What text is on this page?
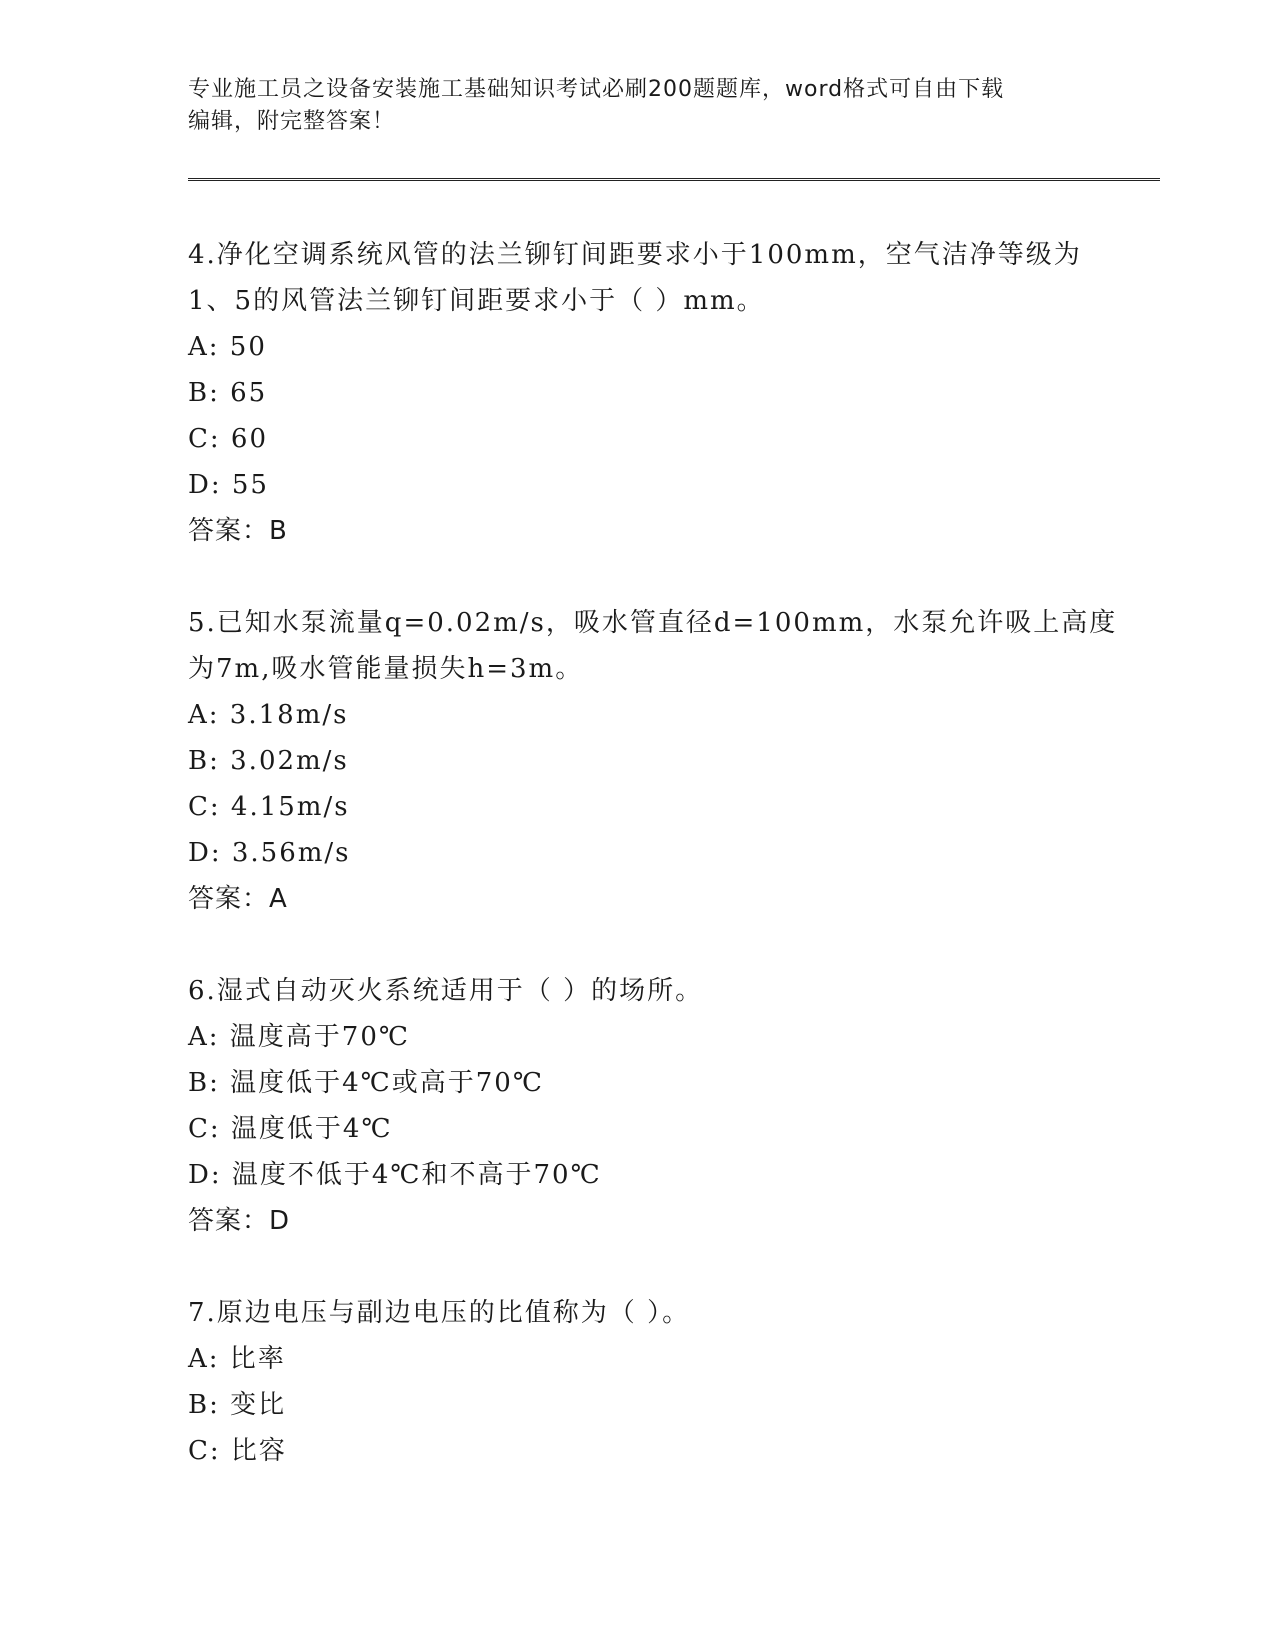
专业施工员之设备安装施工基础知识考试必刷200题题库，word格式可自由下载
编辑，附完整答案！
4.净化空调系统风管的法兰铆钉间距要求小于100mm，空气洁净等级为
1、5的风管法兰铆钉间距要求小于（ ）mm。
A: 50
B: 65
C: 60
D: 55
答案：B
5.已知水泵流量q=0.02m/s，吸水管直径d=100mm，水泵允许吸上高度
为7m,吸水管能量损失h=3m。
A: 3.18m/s
B: 3.02m/s
C: 4.15m/s
D: 3.56m/s
答案：A
6.湿式自动灭火系统适用于（ ）的场所。
A: 温度高于70℃
B: 温度低于4℃或高于70℃
C: 温度低于4℃
D: 温度不低于4℃和不高于70℃
答案：D
7.原边电压与副边电压的比值称为（ ）。
A: 比率
B: 变比
C: 比容
